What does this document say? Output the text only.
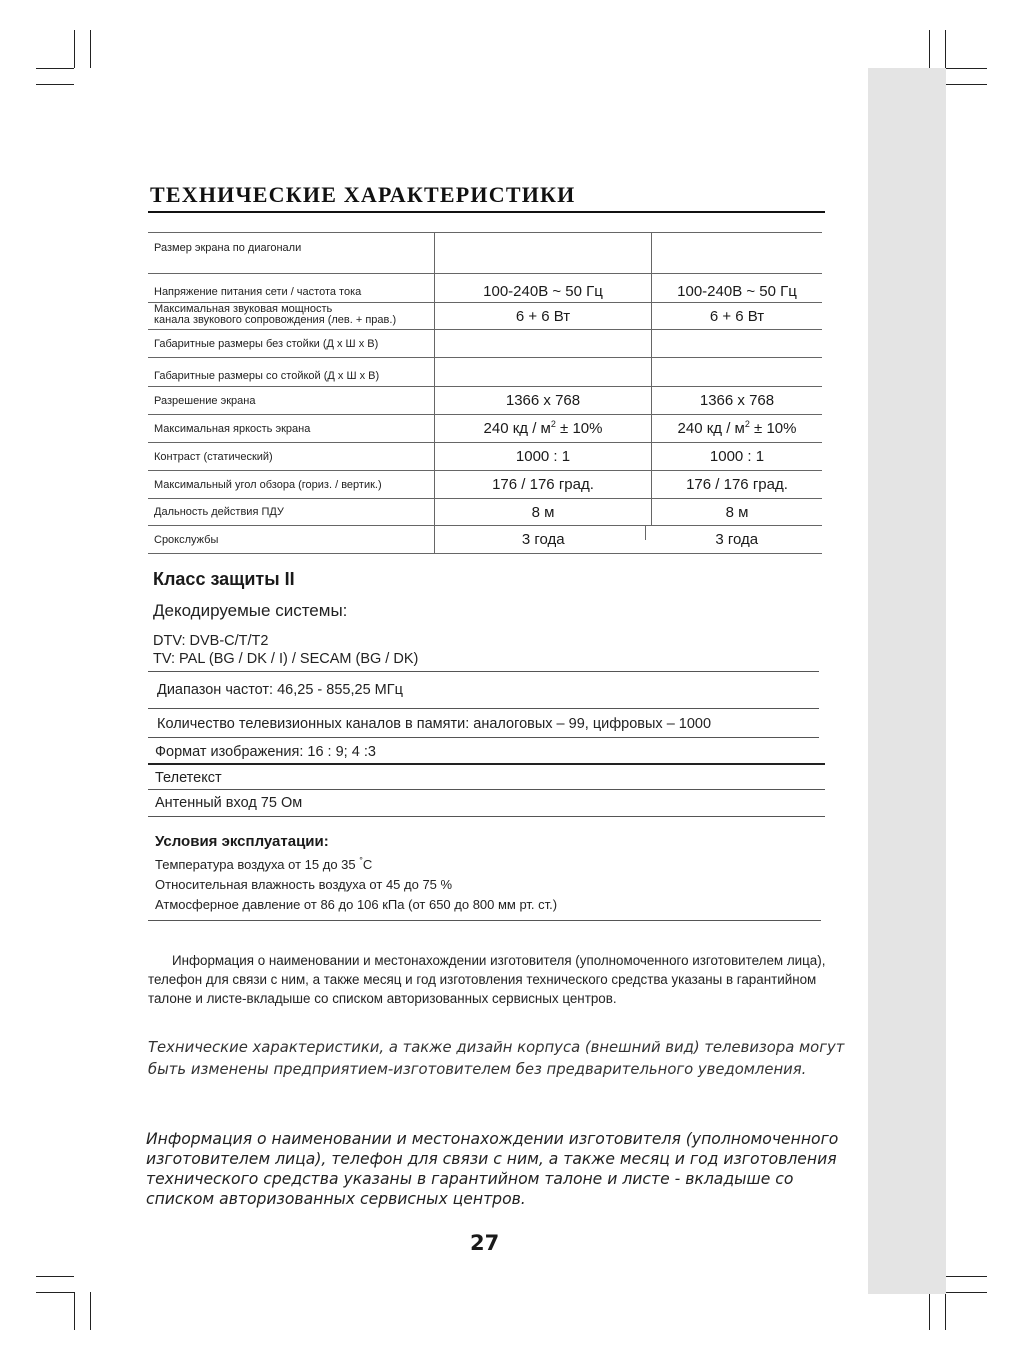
ТЕХНИЧЕСКИЕ ХАРАКТЕРИСТИКИ
Размер экрана по диагонали		
Напряжение питания сети / частота тока	100-240В ~ 50 Гц	100-240В ~ 50 Гц
Максимальная звуковая мощность
канала звукового сопровождения (лев. + прав.)	6 + 6 Вт	6 + 6 Вт
Габаритные размеры без стойки (Д х Ш х В)		
Габаритные размеры со стойкой (Д х Ш х В)		
Разрешение экрана	1366 x 768	1366 x 768
Максимальная яркость экрана	240 кд / $м^2 \pm 10\%$	240 кд / $м^2 \pm 10\%$
Контраст (статический)	1000 : 1	1000 : 1
Максимальный угол обзора (гориз. / вертик.)	176 / 176 град.	176 / 176 град.
Дальность действия ПДУ	8 м	8 м
Срокслужбы	3 года	3 года
Класс защиты II
Декодируемые системы:
DTV: DVB-C/T/T2
TV: PAL (BG / DK / I) / SECAM (BG / DK)
Диапазон частот: 46,25 - 855,25 МГц
Количество телевизионных каналов в памяти: аналоговых – 99, цифровых – 1000
Формат изображения: 16 : 9; 4 :3
Телетекст
Антенный вход 75 Ом
Условия эксплуатации:
Температура воздуха от 15 до 35 °С
Относительная влажность воздуха от 45 до 75 %
Атмосферное давление от 86 до 106 кПа (от 650 до 800 мм рт. ст.)

Информация о наименовании и местонахождении изготовителя (уполномоченного изготовителем лица), телефон для связи с ним, а также месяц и год изготовления технического средства указаны в гарантийном талоне и листе-вкладыше со списком авторизованных сервисных центров.

Технические характеристики, а также дизайн корпуса (внешний вид) телевизора могут быть изменены предприятием-изготовителем без предварительного уведомления.

Информация о наименовании и местонахождении изготовителя (уполномоченного изготовителем лица), телефон для связи с ним, а также месяц и год изготовления технического средства указаны в гарантийном талоне и листе - вкладыше со списком авторизованных сервисных центров.

27
